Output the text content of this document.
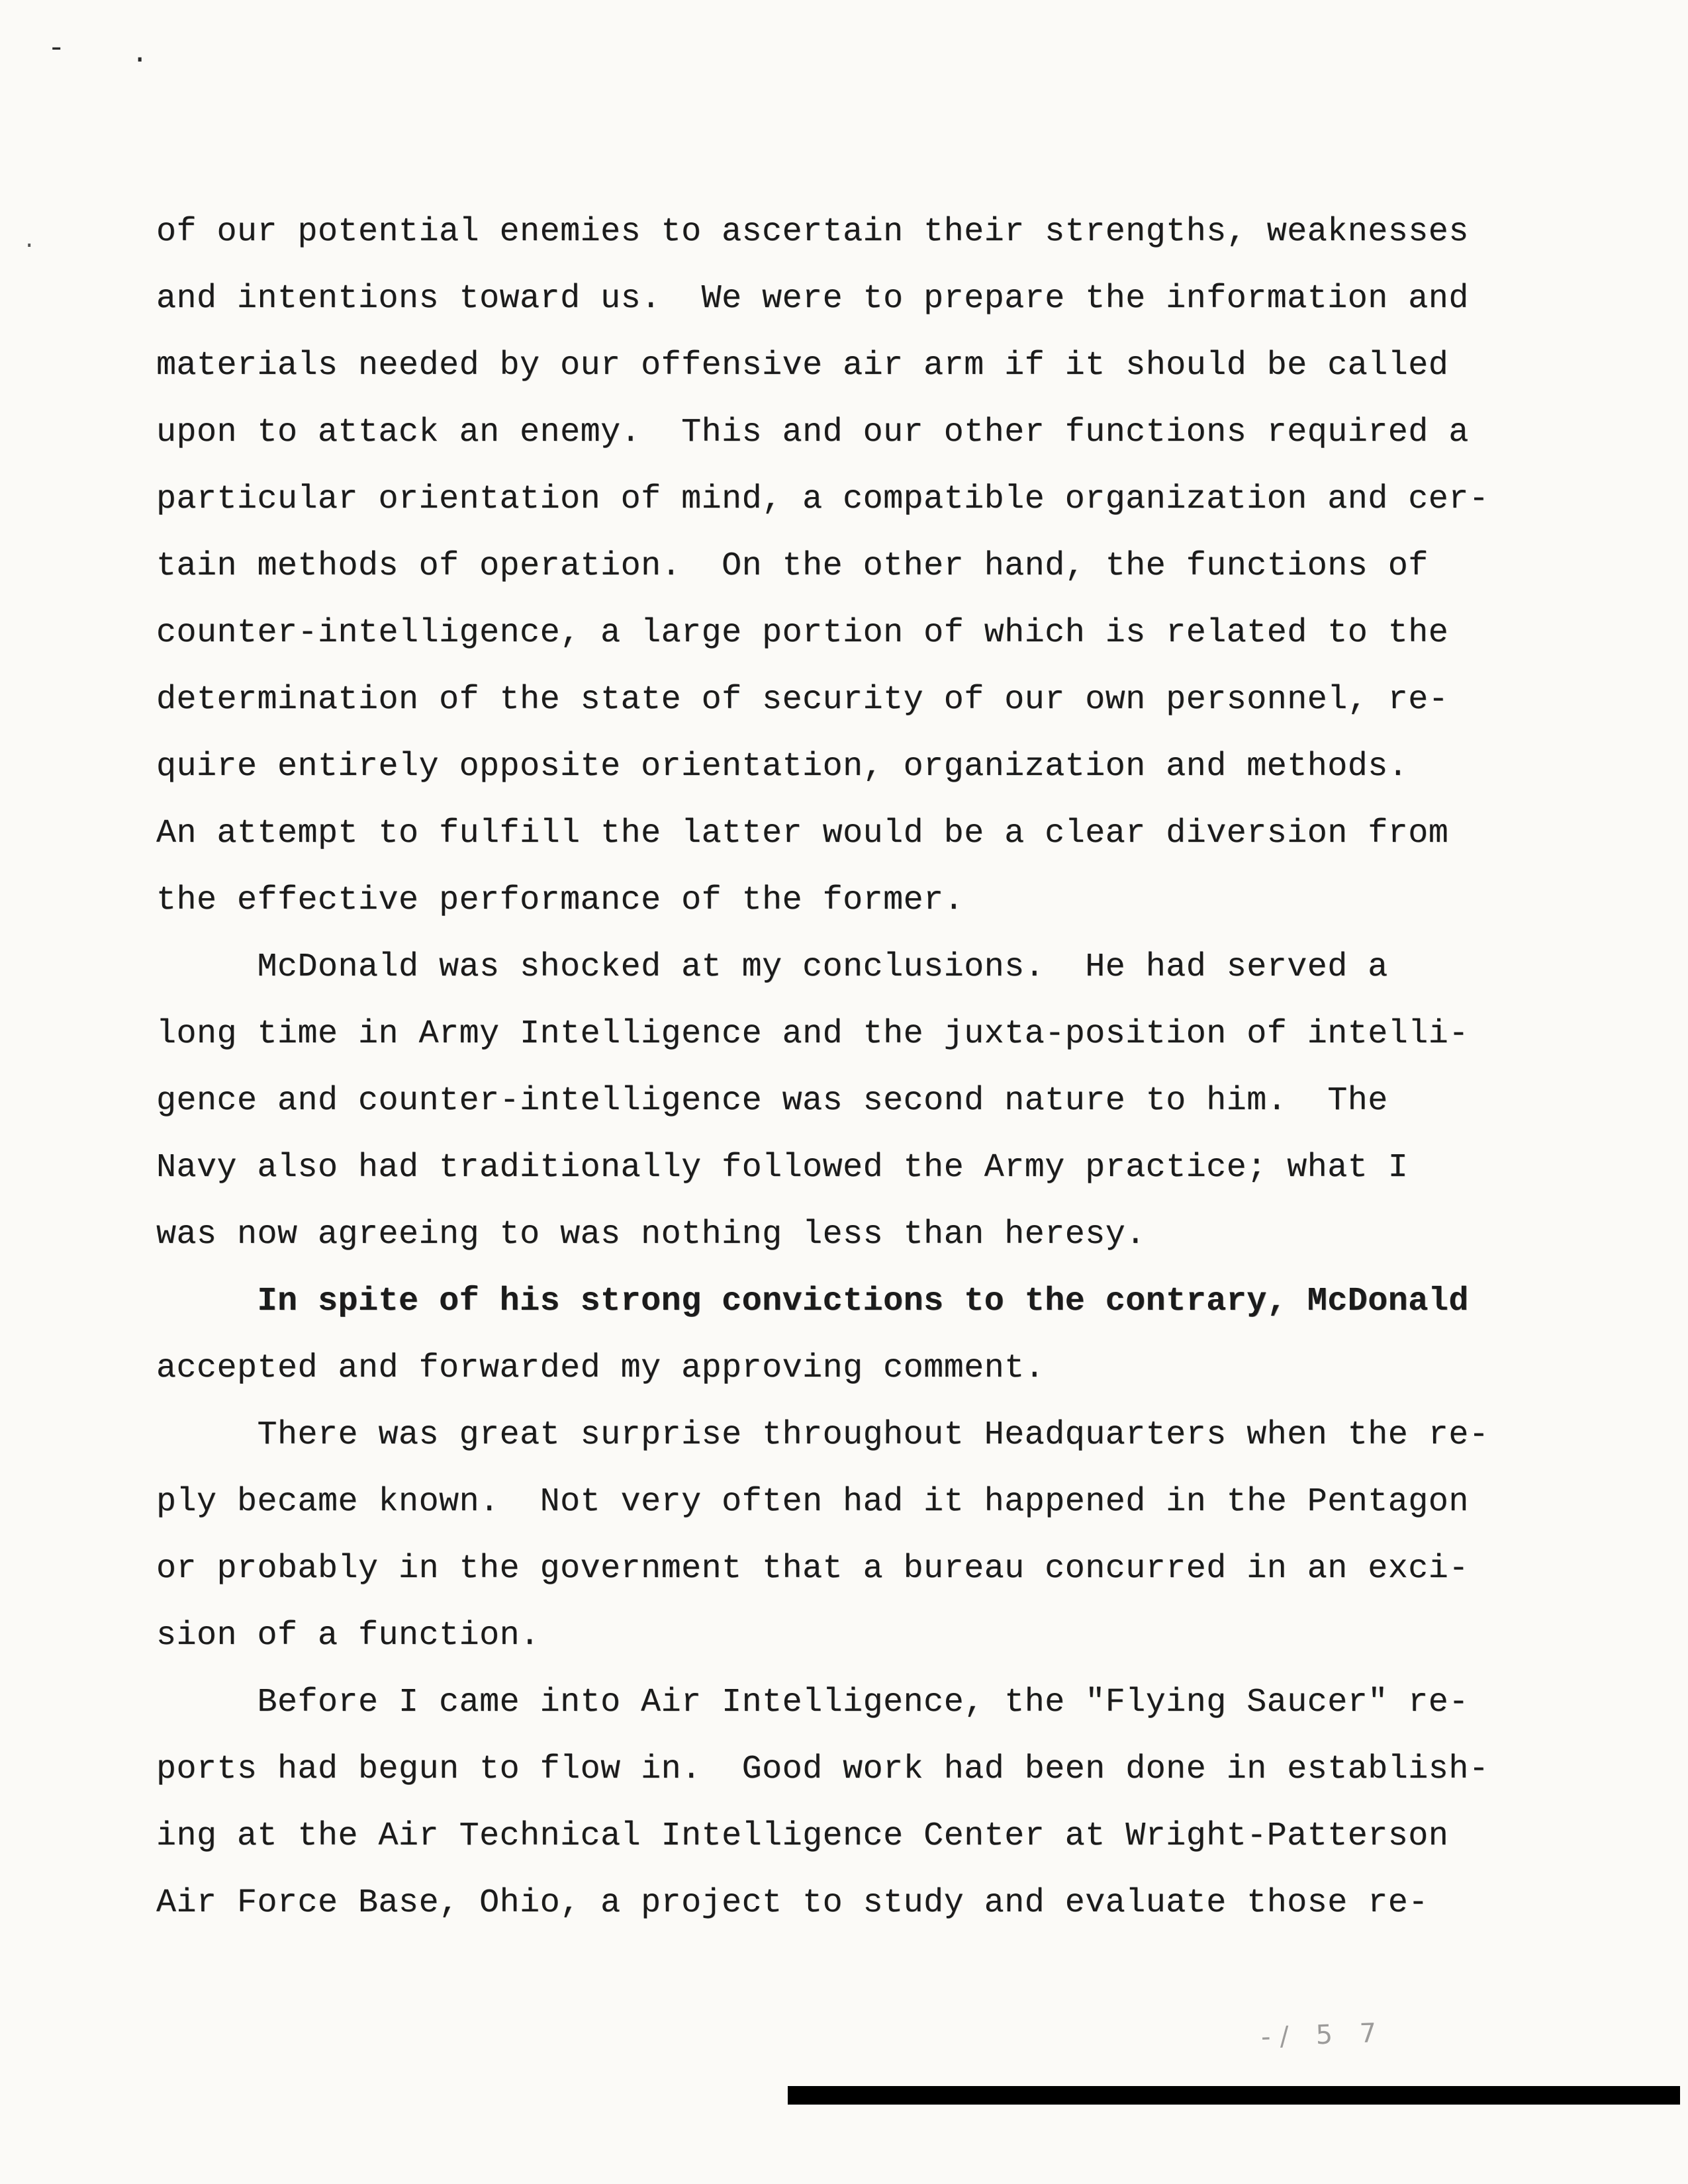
- .
.	of our potential enemies to ascertain their strengths, weaknesses
and intentions toward us.  We were to prepare the information and
materials needed by our offensive air arm if it should be called
upon to attack an enemy.  This and our other functions required a
particular orientation of mind, a compatible organization and cer-
tain methods of operation.  On the other hand, the functions of
counter-intelligence, a large portion of which is related to the
determination of the state of security of our own personnel, re-
quire entirely opposite orientation, organization and methods.
An attempt to fulfill the latter would be a clear diversion from
the effective performance of the former.
McDonald was shocked at my conclusions.  He had served a
long time in Army Intelligence and the juxta-position of intelli-
gence and counter-intelligence was second nature to him.  The
Navy also had traditionally followed the Army practice; what I
was now agreeing to was nothing less than heresy.
In spite of his strong convictions to the contrary, McDonald
accepted and forwarded my approving comment.
There was great surprise throughout Headquarters when the re-
ply became known.  Not very often had it happened in the Pentagon
or probably in the government that a bureau concurred in an exci-
sion of a function.
Before I came into Air Intelligence, the "Flying Saucer" re-
ports had begun to flow in.  Good work had been done in establish-
ing at the Air Technical Intelligence Center at Wright-Patterson
Air Force Base, Ohio, a project to study and evaluate those re-
-/ 5 7
